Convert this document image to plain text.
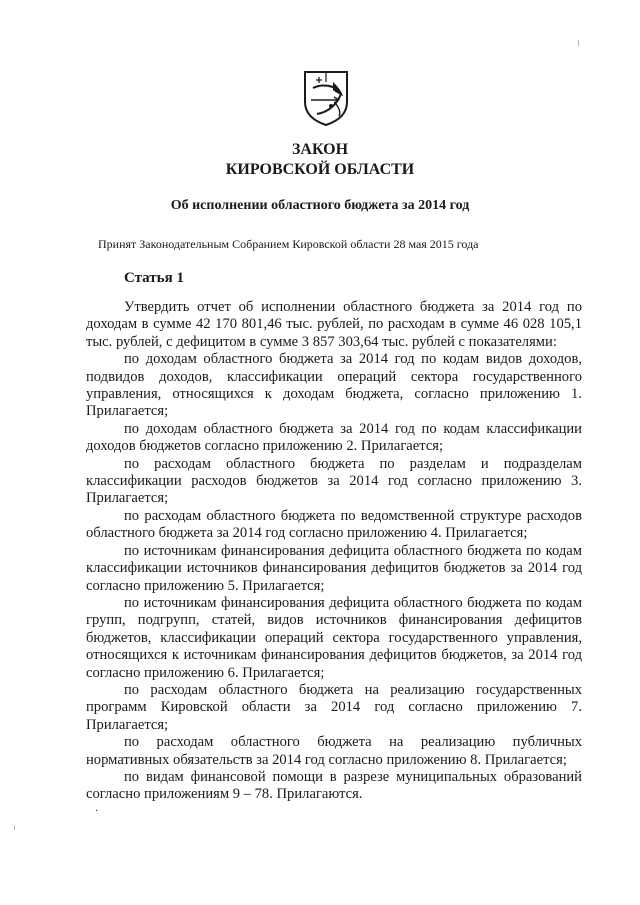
ЗАКОН
КИРОВСКОЙ ОБЛАСТИ
Об исполнении областного бюджета за 2014 год
Принят Законодательным Собранием Кировской области 28 мая 2015 года
Статья 1

Утвердить отчет об исполнении областного бюджета за 2014 год по доходам в сумме 42 170 801,46 тыс. рублей, по расходам в сумме 46 028 105,1 тыс. рублей, с дефицитом в сумме 3 857 303,64 тыс. рублей с показателями:

по доходам областного бюджета за 2014 год по кодам видов доходов, подвидов доходов, классификации операций сектора государственного управления, относящихся к доходам бюджета, согласно приложению 1. Прилагается;

по доходам областного бюджета за 2014 год по кодам классификации доходов бюджетов согласно приложению 2. Прилагается;

по расходам областного бюджета по разделам и подразделам классификации расходов бюджетов за 2014 год согласно приложению 3. Прилагается;

по расходам областного бюджета по ведомственной структуре расходов областного бюджета за 2014 год согласно приложению 4. Прилагается;

по источникам финансирования дефицита областного бюджета по кодам классификации источников финансирования дефицитов бюджетов за 2014 год согласно приложению 5. Прилагается;

по источникам финансирования дефицита областного бюджета по кодам групп, подгрупп, статей, видов источников финансирования дефицитов бюджетов, классификации операций сектора государственного управления, относящихся к источникам финансирования дефицитов бюджетов, за 2014 год согласно приложению 6. Прилагается;

по расходам областного бюджета на реализацию государственных программ Кировской области за 2014 год согласно приложению 7. Прилагается;

по расходам областного бюджета на реализацию публичных нормативных обязательств за 2014 год согласно приложению 8. Прилагается;

по видам финансовой помощи в разрезе муниципальных образований согласно приложениям 9 – 78. Прилагаются.

.
